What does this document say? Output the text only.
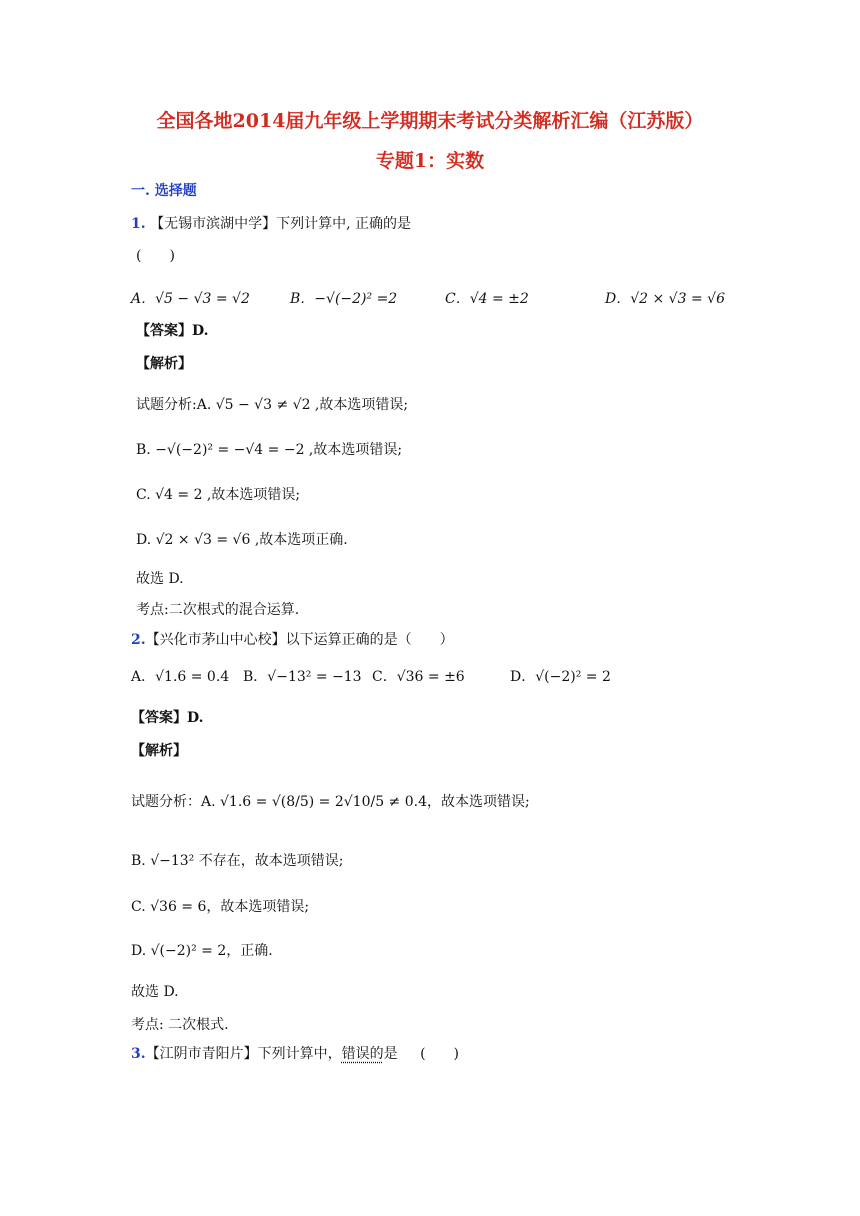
全国各地2014届九年级上学期期末考试分类解析汇编（江苏版）
专题1：实数
一. 选择题
1. 【无锡市滨湖中学】下列计算中, 正确的是
(　　)
A．√5 − √3 = √2	B．−√(−2)² =2	C．√4 = ±2	D．√2 × √3 = √6
【答案】D.
【解析】
试题分析:A. √5 − √3 ≠ √2 ,故本选项错误;
B. −√(−2)² = −√4 = −2 ,故本选项错误;
C. √4 = 2 ,故本选项错误;
D. √2 × √3 = √6 ,故本选项正确.
故选 D.
考点:二次根式的混合运算.
2.【兴化市茅山中心校】以下运算正确的是（　　）
A．√1.6 = 0.4 B．√−13² = −13 C．√36 = ±6	D．√(−2)² = 2
【答案】D.
【解析】
试题分析：A. √1.6 = √(8/5) = 2√10/5 ≠ 0.4，故本选项错误;
B. √−13² 不存在，故本选项错误;
C. √36 = 6，故本选项错误;
D. √(−2)² = 2，正确.
故选 D.
考点: 二次根式.
3.【江阴市青阳片】下列计算中，错误的是 (　　)
